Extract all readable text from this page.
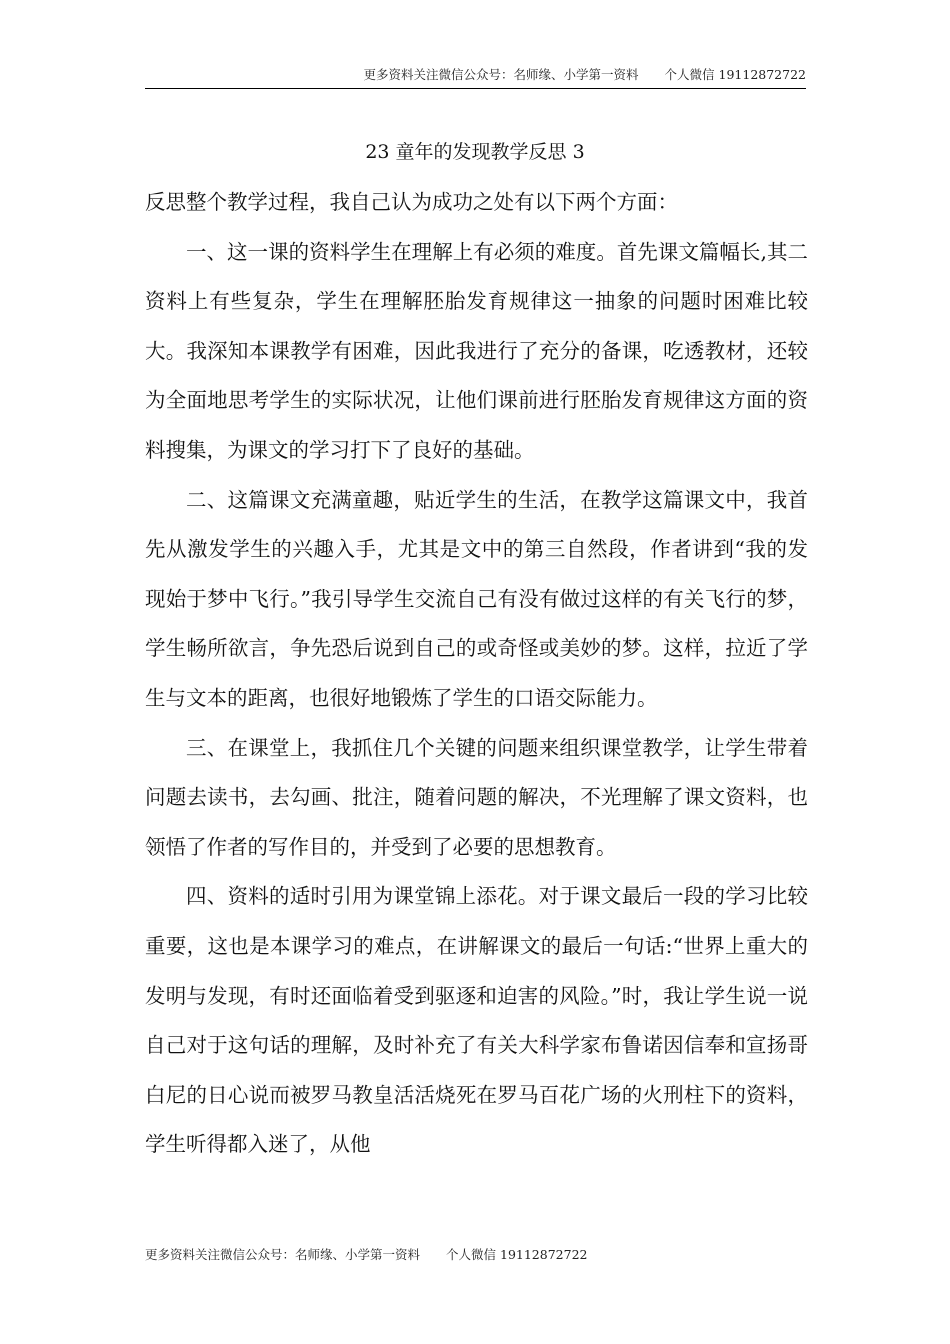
更多资料关注微信公众号：名师缘、小学第一资料 个人微信 19112872722
23 童年的发现教学反思 3

反思整个教学过程，我自己认为成功之处有以下两个方面：

一、这一课的资料学生在理解上有必须的难度。首先课文篇幅长,其二资料上有些复杂，学生在理解胚胎发育规律这一抽象的问题时困难比较大。我深知本课教学有困难，因此我进行了充分的备课，吃透教材，还较为全面地思考学生的实际状况，让他们课前进行胚胎发育规律这方面的资料搜集，为课文的学习打下了良好的基础。

二、这篇课文充满童趣，贴近学生的生活，在教学这篇课文中，我首先从激发学生的兴趣入手，尤其是文中的第三自然段，作者讲到“我的发现始于梦中飞行。”我引导学生交流自己有没有做过这样的有关飞行的梦，学生畅所欲言，争先恐后说到自己的或奇怪或美妙的梦。这样，拉近了学生与文本的距离，也很好地锻炼了学生的口语交际能力。

三、在课堂上，我抓住几个关键的问题来组织课堂教学，让学生带着问题去读书，去勾画、批注，随着问题的解决，不光理解了课文资料，也领悟了作者的写作目的，并受到了必要的思想教育。

四、资料的适时引用为课堂锦上添花。对于课文最后一段的学习比较重要，这也是本课学习的难点，在讲解课文的最后一句话:“世界上重大的发明与发现，有时还面临着受到驱逐和迫害的风险。”时，我让学生说一说自己对于这句话的理解，及时补充了有关大科学家布鲁诺因信奉和宣扬哥白尼的日心说而被罗马教皇活活烧死在罗马百花广场的火刑柱下的资料，学生听得都入迷了，从他

更多资料关注微信公众号：名师缘、小学第一资料 个人微信 19112872722
